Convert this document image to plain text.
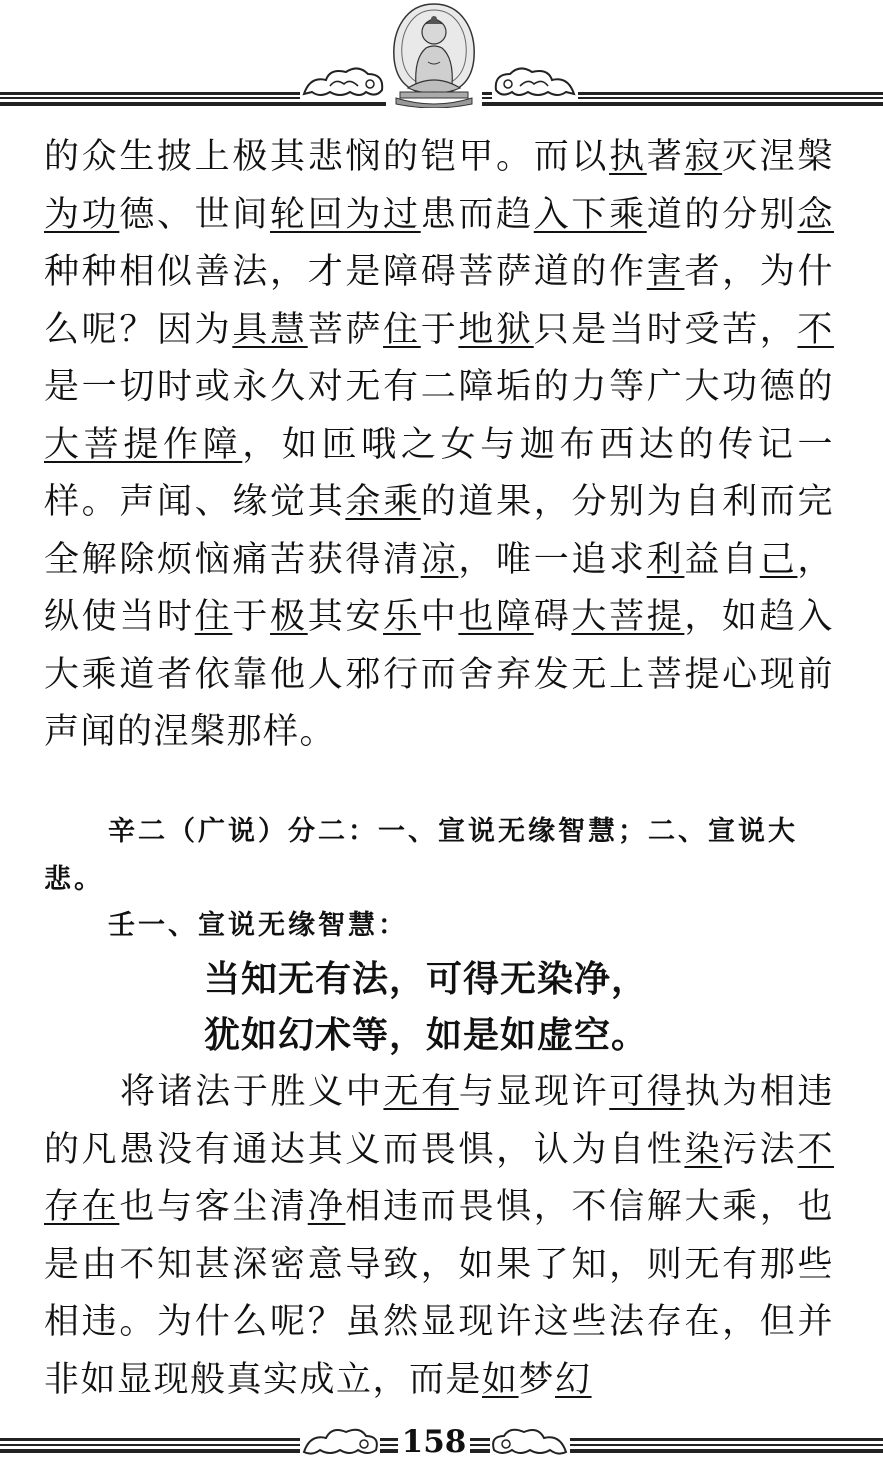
的众生披上极其悲悯的铠甲。而以执著寂灭涅槃为功德、世间轮回为过患而趋入下乘道的分别念种种相似善法，才是障碍菩萨道的作害者，为什么呢？因为具慧菩萨住于地狱只是当时受苦，不是一切时或永久对无有二障垢的力等广大功德的大菩提作障，如匝哦之女与迦布西达的传记一样。声闻、缘觉其余乘的道果，分别为自利而完全解除烦恼痛苦获得清凉，唯一追求利益自己，纵使当时住于极其安乐中也障碍大菩提，如趋入大乘道者依靠他人邪行而舍弃发无上菩提心现前声闻的涅槃那样。

辛二（广说）分二：一、宣说无缘智慧；二、宣说大悲。

壬一、宣说无缘智慧：

当知无有法，可得无染净，

犹如幻术等，如是如虚空。

将诸法于胜义中无有与显现许可得执为相违的凡愚没有通达其义而畏惧，认为自性染污法不存在也与客尘清净相违而畏惧，不信解大乘，也是由不知甚深密意导致，如果了知，则无有那些相违。为什么呢？虽然显现许这些法存在，但并非如显现般真实成立，而是如梦幻

158
